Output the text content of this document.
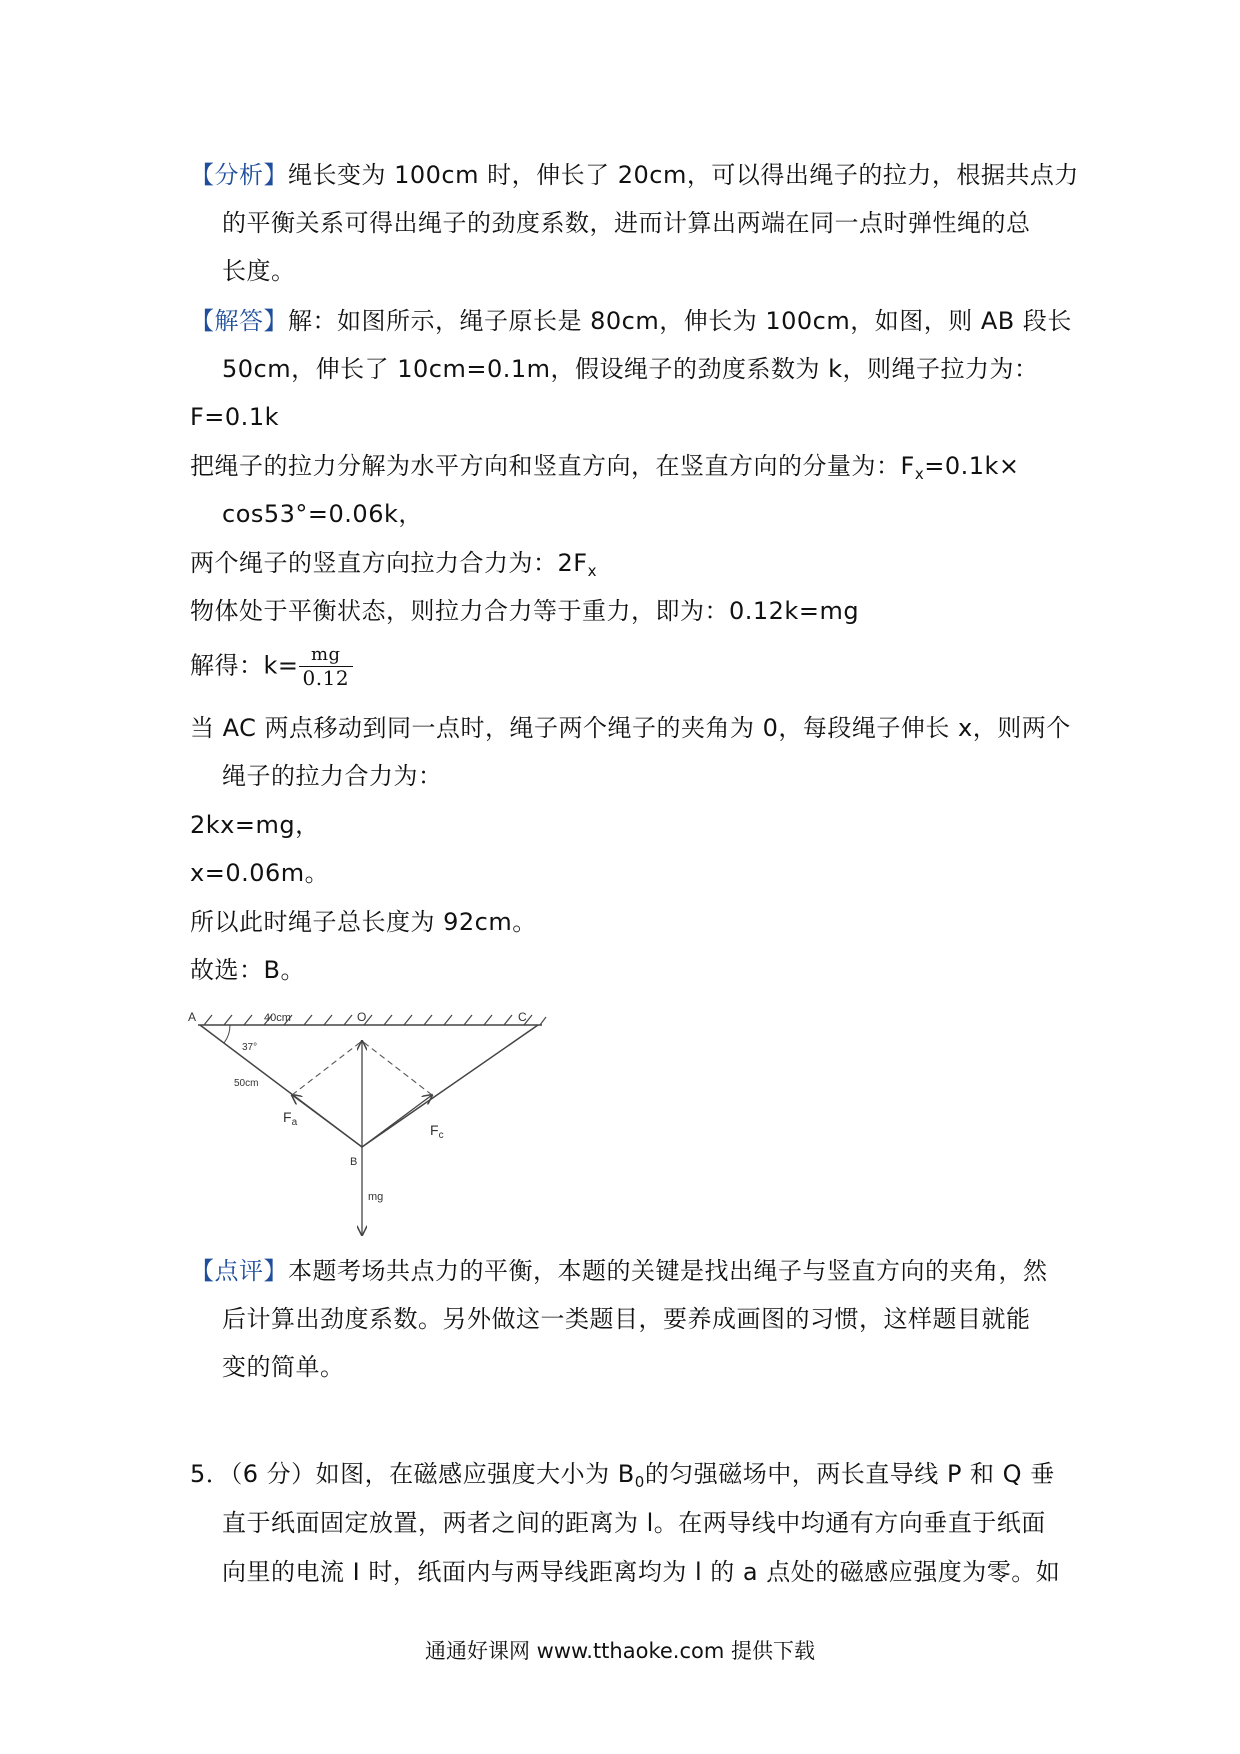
【分析】绳长变为 100cm 时，伸长了 20cm，可以得出绳子的拉力，根据共点力
的平衡关系可得出绳子的劲度系数，进而计算出两端在同一点时弹性绳的总
长度。
【解答】解：如图所示，绳子原长是 80cm，伸长为 100cm，如图，则 AB 段长
50cm，伸长了 10cm=0.1m，假设绳子的劲度系数为 k，则绳子拉力为：
F=0.1k
把绳子的拉力分解为水平方向和竖直方向，在竖直方向的分量为：$F_x=0.1k\times$
cos53°=0.06k，
两个绳子的竖直方向拉力合力为：$2F_x$
物体处于平衡状态，则拉力合力等于重力，即为：0.12k=mg
解得：$k= \frac{mg}{0.12}$
当 AC 两点移动到同一点时，绳子两个绳子的夹角为 0，每段绳子伸长 x，则两个
绳子的拉力合力为：
2kx=mg，
x=0.06m。
所以此时绳子总长度为 92cm。
故选：B。
A	40cm	O	C
37°
50cm
$F_a$	$F_c$
B
mg
【点评】本题考场共点力的平衡，本题的关键是找出绳子与竖直方向的夹角，然
后计算出劲度系数。另外做这一类题目，要养成画图的习惯，这样题目就能
变的简单。
5．（6 分）如图，在磁感应强度大小为 $B_0$的匀强磁场中，两长直导线 P 和 Q 垂
直于纸面固定放置，两者之间的距离为 l。在两导线中均通有方向垂直于纸面
向里的电流 I 时，纸面内与两导线距离均为 l 的 a 点处的磁感应强度为零。如
通通好课网 www.tthaoke.com 提供下载
